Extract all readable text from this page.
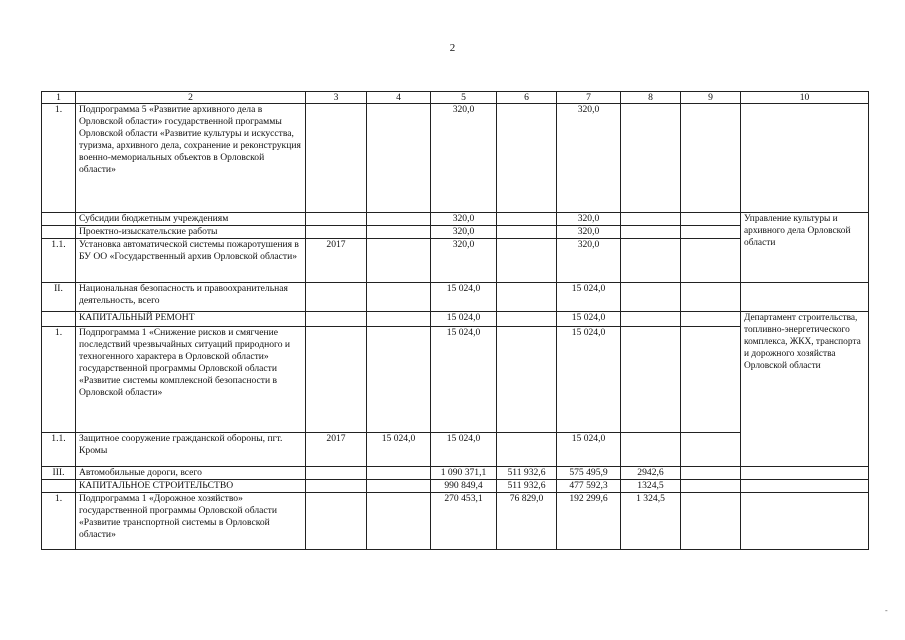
2
1	2	3	4	5	6	7	8	9	10
1.	Подпрограмма 5 «Развитие архивного дела в Орловской области» государственной программы Орловской области «Развитие культуры и искусства, туризма, архивного дела, сохранение и реконструкция военно-мемориальных объектов в Орловской области»			320,0		320,0			
	Субсидии бюджетным учреждениям			320,0		320,0			Управление культуры и архивного дела Орловской области
	Проектно-изыскательские работы			320,0		320,0			
1.1.	Установка автоматической системы пожаротушения в БУ ОО «Государственный архив Орловской области»	2017		320,0		320,0			
II.	Национальная безопасность и правоохранительная деятельность, всего			15 024,0		15 024,0			
	КАПИТАЛЬНЫЙ РЕМОНТ			15 024,0		15 024,0			Департамент строительства, топливно-энергетического комплекса, ЖКХ, транспорта и дорожного хозяйства Орловской области
1.	Подпрограмма 1 «Снижение рисков и смягчение последствий чрезвычайных ситуаций природного и техногенного характера в Орловской области» государственной программы Орловской области «Развитие системы комплексной безопасности в Орловской области»			15 024,0		15 024,0			
1.1.	Защитное сооружение гражданской обороны, пгт. Кромы	2017	15 024,0	15 024,0		15 024,0			
III.	Автомобильные дороги, всего			1 090 371,1	511 932,6	575 495,9	2942,6		
	КАПИТАЛЬНОЕ СТРОИТЕЛЬСТВО			990 849,4	511 932,6	477 592,3	1324,5		
1.	Подпрограмма 1 «Дорожное хозяйство» государственной программы Орловской области «Развитие транспортной системы в Орловской области»			270 453,1	76 829,0	192 299,6	1 324,5		
‑
